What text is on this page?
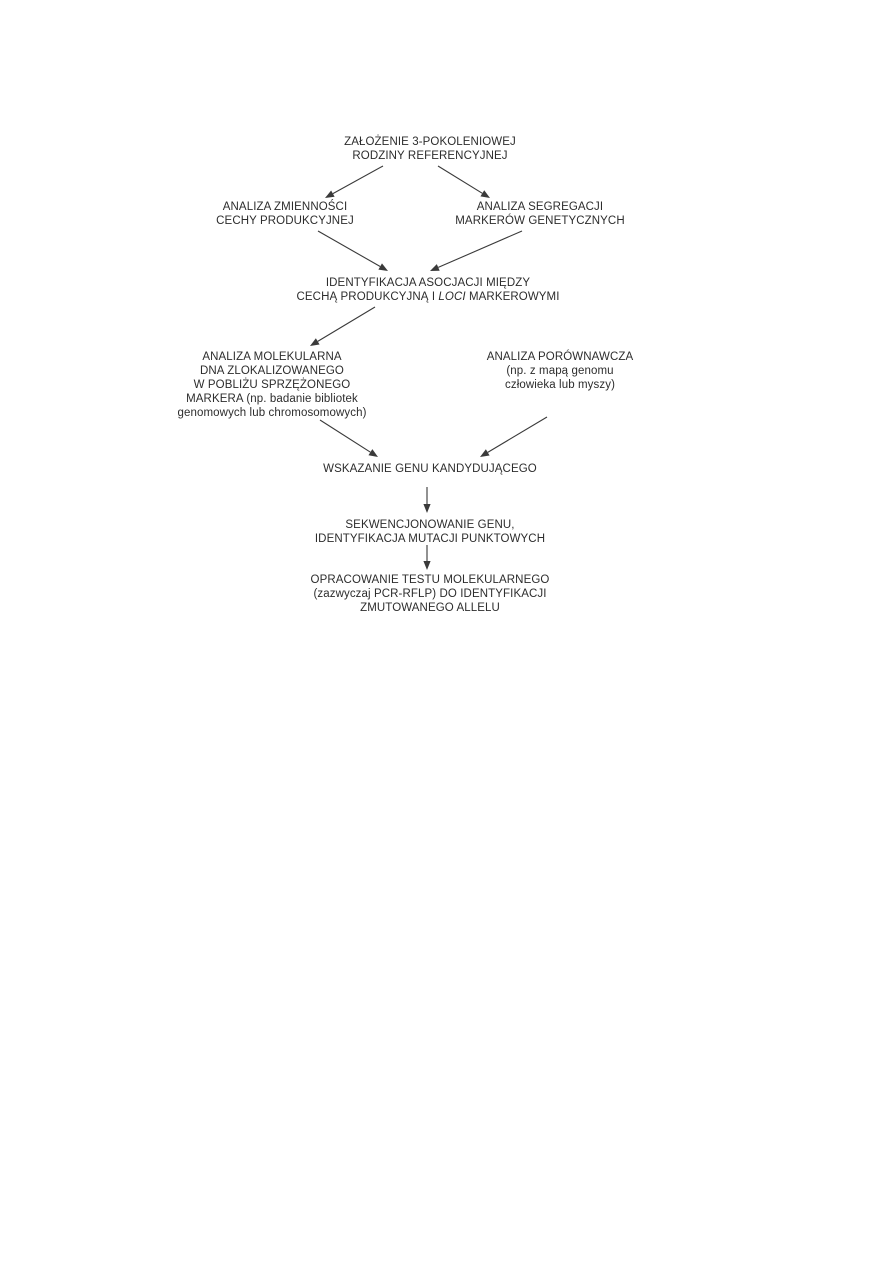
ZAŁOŻENIE 3-POKOLENIOWEJ
RODZINY REFERENCYJNEJ
ANALIZA ZMIENNOŚCI
CECHY PRODUKCYJNEJ
ANALIZA SEGREGACJI
MARKERÓW GENETYCZNYCH
IDENTYFIKACJA ASOCJACJI MIĘDZY
CECHĄ PRODUKCYJNĄ I LOCI MARKEROWYMI
ANALIZA MOLEKULARNA
DNA ZLOKALIZOWANEGO
W POBLIŻU SPRZĘŻONEGO
MARKERA (np. badanie bibliotek
genomowych lub chromosomowych)
ANALIZA PORÓWNAWCZA
(np. z mapą genomu
człowieka lub myszy)
WSKAZANIE GENU KANDYDUJĄCEGO
SEKWENCJONOWANIE GENU,
IDENTYFIKACJA MUTACJI PUNKTOWYCH
OPRACOWANIE TESTU MOLEKULARNEGO
(zazwyczaj PCR-RFLP) DO IDENTYFIKACJI
ZMUTOWANEGO ALLELU
